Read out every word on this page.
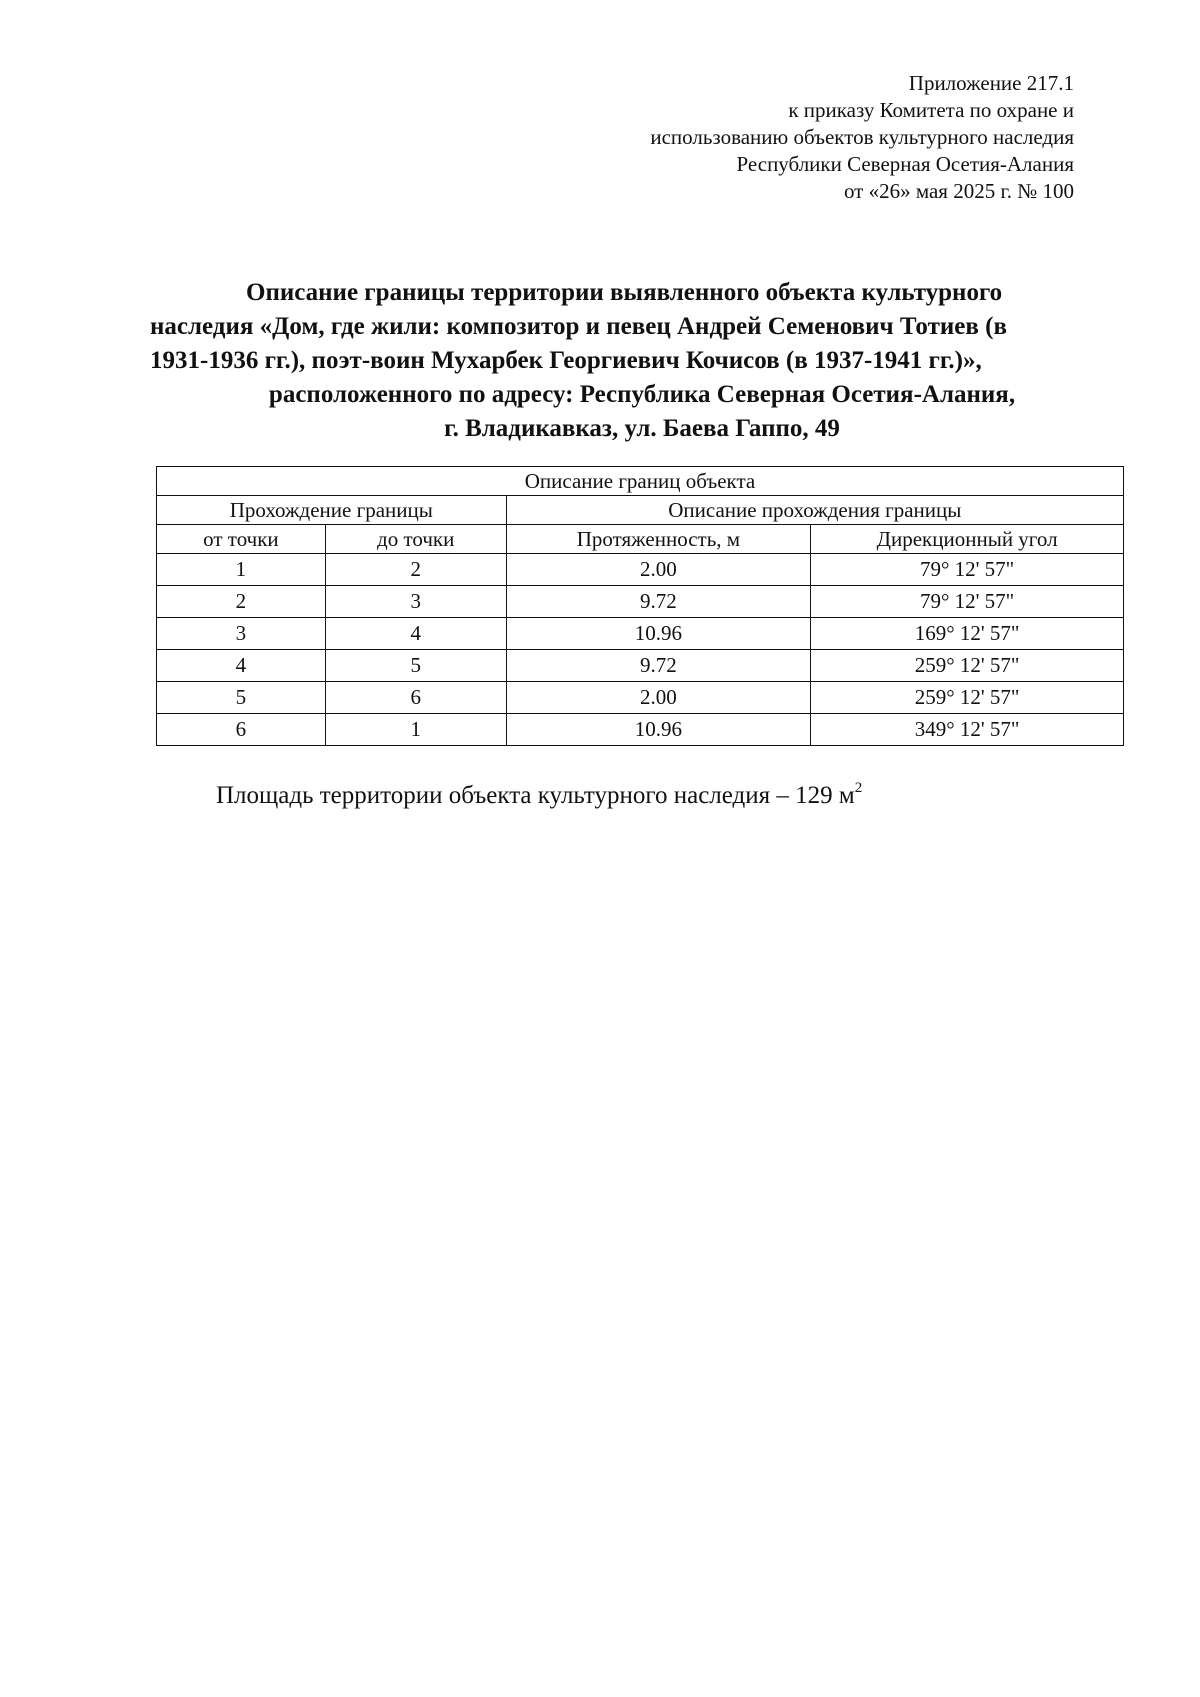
Приложение 217.1
к приказу Комитета по охране и
использованию объектов культурного наследия
Республики Северная Осетия-Алания
от «26» мая 2025 г. № 100
Описание границы территории выявленного объекта культурного
наследия «Дом, где жили: композитор и певец Андрей Семенович Тотиев (в
1931-1936 гг.), поэт-воин Мухарбек Георгиевич Кочисов (в 1937-1941 гг.)»,
расположенного по адресу: Республика Северная Осетия-Алания,
г. Владикавказ, ул. Баева Гаппо, 49
Описание границ объекта			
Прохождение границы		Описание прохождения границы	
от точки	до точки	Протяженность, м	Дирекционный угол
1	2	2.00	79° 12' 57"
2	3	9.72	79° 12' 57"
3	4	10.96	169° 12' 57"
4	5	9.72	259° 12' 57"
5	6	2.00	259° 12' 57"
6	1	10.96	349° 12' 57"
Площадь территории объекта культурного наследия – 129 $м^2$
